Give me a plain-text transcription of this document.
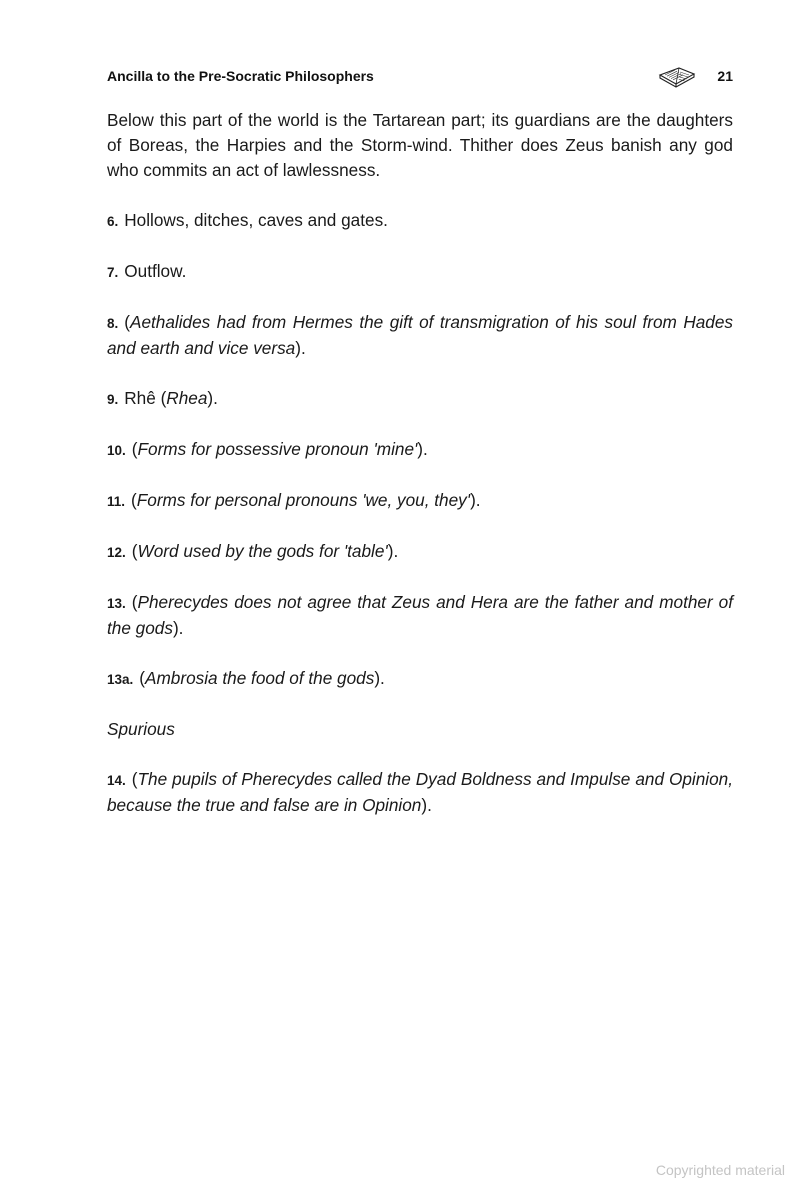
Ancilla to the Pre-Socratic Philosophers	21

Below this part of the world is the Tartarean part; its guardians are the daughters of Boreas, the Harpies and the Storm-wind. Thither does Zeus banish any god who commits an act of lawlessness.

6. Hollows, ditches, caves and gates.

7. Outflow.

8. (Aethalides had from Hermes the gift of transmigration of his soul from Hades and earth and vice versa).

9. Rhê (Rhea).

10. (Forms for possessive pronoun 'mine').

11. (Forms for personal pronouns 'we, you, they').

12. (Word used by the gods for 'table').

13. (Pherecydes does not agree that Zeus and Hera are the father and mother of the gods).

13a. (Ambrosia the food of the gods).

Spurious

14. (The pupils of Pherecydes called the Dyad Boldness and Impulse and Opinion, because the true and false are in Opinion).

Copyrighted material
